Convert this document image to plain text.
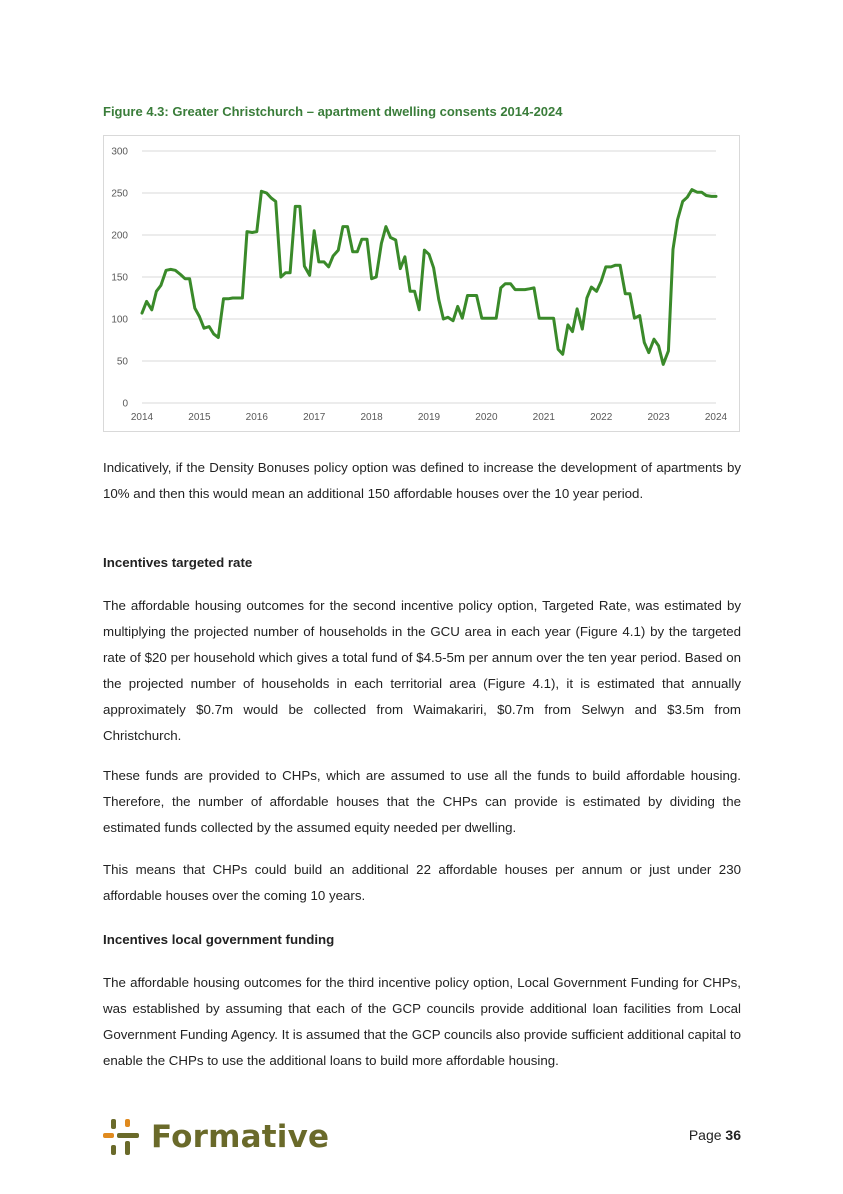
Figure 4.3: Greater Christchurch – apartment dwelling consents 2014-2024
0
50
100
150
200
250
300
2014	2015	2016	2017	2018	2019	2020	2021	2022	2023	2024
Indicatively, if the Density Bonuses policy option was defined to increase the development of apartments by 10% and then this would mean an additional 150 affordable houses over the 10 year period.
Incentives targeted rate
The affordable housing outcomes for the second incentive policy option, Targeted Rate, was estimated by multiplying the projected number of households in the GCU area in each year (Figure 4.1) by the targeted rate of $20 per household which gives a total fund of $4.5-5m per annum over the ten year period. Based on the projected number of households in each territorial area (Figure 4.1), it is estimated that annually approximately $0.7m would be collected from Waimakariri, $0.7m from Selwyn and $3.5m from Christchurch.
These funds are provided to CHPs, which are assumed to use all the funds to build affordable housing. Therefore, the number of affordable houses that the CHPs can provide is estimated by dividing the estimated funds collected by the assumed equity needed per dwelling.
This means that CHPs could build an additional 22 affordable houses per annum or just under 230 affordable houses over the coming 10 years.
Incentives local government funding
The affordable housing outcomes for the third incentive policy option, Local Government Funding for CHPs, was established by assuming that each of the GCP councils provide additional loan facilities from Local Government Funding Agency. It is assumed that the GCP councils also provide sufficient additional capital to enable the CHPs to use the additional loans to build more affordable housing.
Formative	Page 36
